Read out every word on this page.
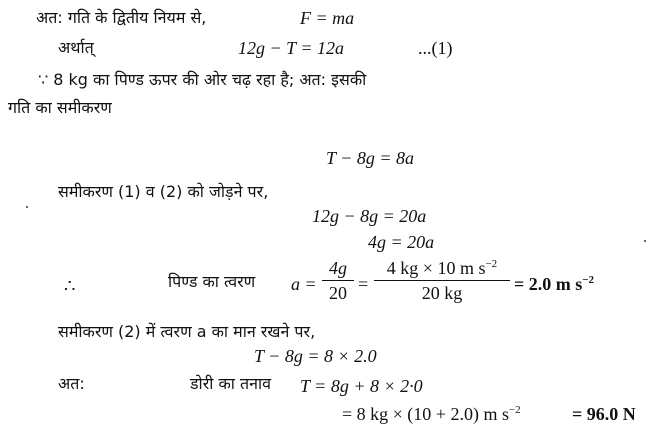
अत: गति के द्वितीय नियम से,	F = ma
अर्थात्	12g − T = 12a	...(1)
∵ 8 kg का पिण्ड ऊपर की ओर चढ़ रहा है; अत: इसकी
गति का समीकरण
T − 8g = 8a
समीकरण (1) व (2) को जोड़ने पर,
12g − 8g = 20a
4g = 20a
∴	पिण्ड का त्वरण a =
4g
20 =
4 kg × 10 m $s^{-2}$
20 kg	= 2.0 m $s^{-2}$
समीकरण (2) में त्वरण a का मान रखने पर,
T − 8g = 8 × 2.0
अत:	डोरी का तनाव T = 8g + 8 × 2·0
= 8 kg × (10 + 2.0) m $s^{-2}$	= 96.0 N
